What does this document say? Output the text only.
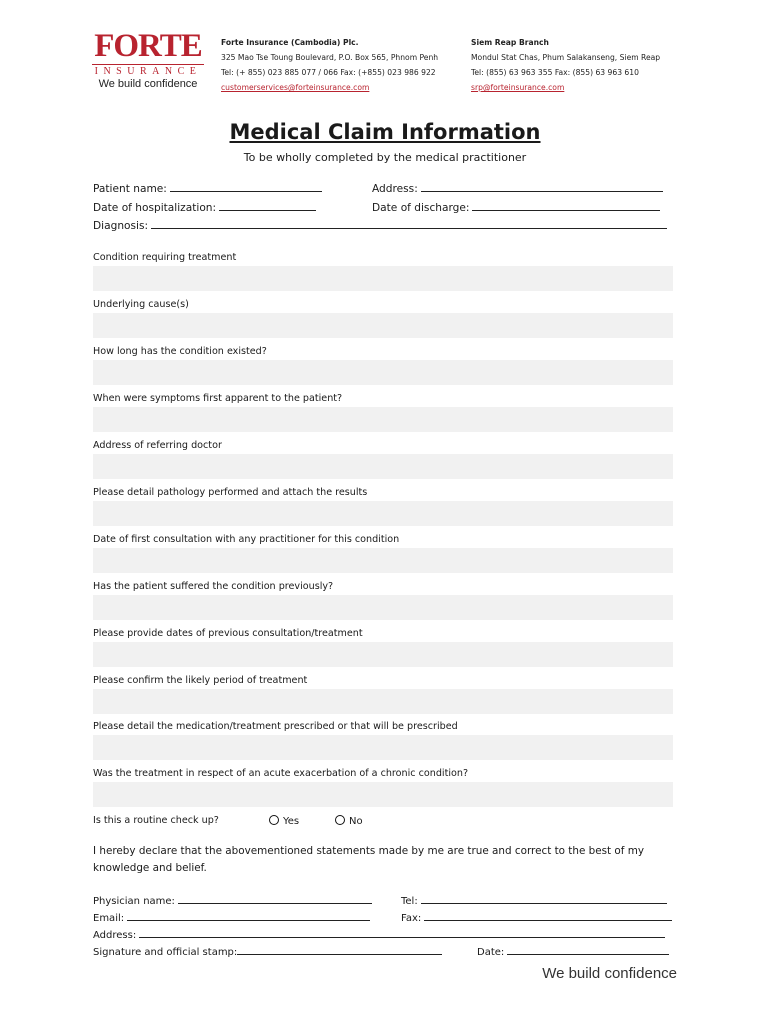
FORTE
INSURANCE
We build confidence
Forte Insurance (Cambodia) Plc.
325 Mao Tse Toung Boulevard, P.O. Box 565, Phnom Penh
Tel: (+ 855) 023 885 077 / 066 Fax: (+855) 023 986 922
customerservices@forteinsurance.com
Siem Reap Branch
Mondul Stat Chas, Phum Salakanseng, Siem Reap
Tel: (855) 63 963 355 Fax: (855) 63 963 610
srp@forteinsurance.com
Medical Claim Information
To be wholly completed by the medical practitioner
Patient name:	Address:
Date of hospitalization:	Date of discharge:
Diagnosis:
Condition requiring treatment
Underlying cause(s)
How long has the condition existed?
When were symptoms first apparent to the patient?
Address of referring doctor
Please detail pathology performed and attach the results
Date of first consultation with any practitioner for this condition
Has the patient suffered the condition previously?
Please provide dates of previous consultation/treatment
Please confirm the likely period of treatment
Please detail the medication/treatment prescribed or that will be prescribed
Was the treatment in respect of an acute exacerbation of a chronic condition?
Is this a routine check up?	Yes	No
I hereby declare that the abovementioned statements made by me are true and correct to the best of my knowledge and belief.
Physician name:	Tel:
Email:	Fax:
Address:
Signature and official stamp:	Date:
We build confidence
